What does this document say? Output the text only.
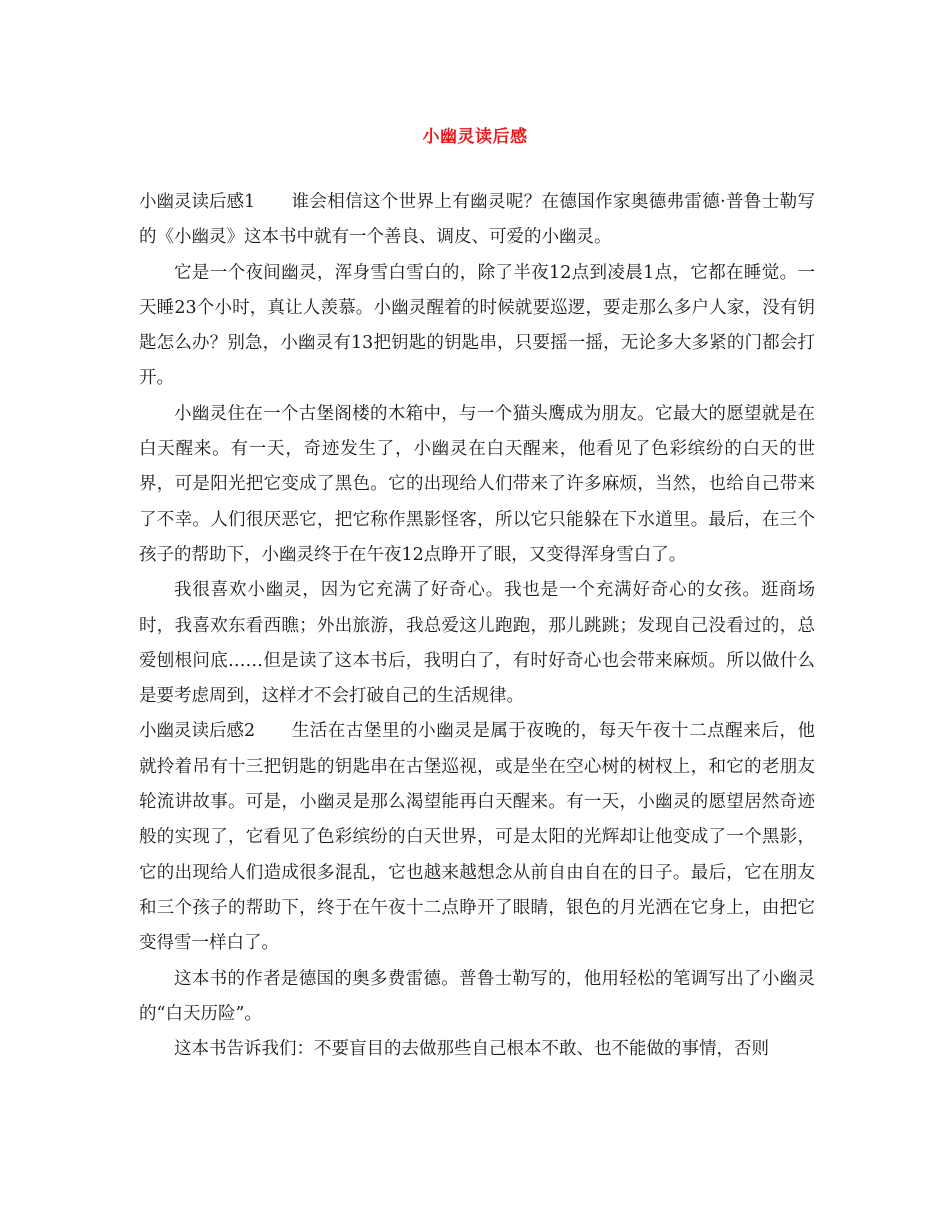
小幽灵读后感

小幽灵读后感1 谁会相信这个世界上有幽灵呢？在德国作家奥德弗雷德·普鲁士勒写的《小幽灵》这本书中就有一个善良、调皮、可爱的小幽灵。

它是一个夜间幽灵，浑身雪白雪白的，除了半夜12点到凌晨1点，它都在睡觉。一天睡23个小时，真让人羡慕。小幽灵醒着的时候就要巡逻，要走那么多户人家，没有钥匙怎么办？别急，小幽灵有13把钥匙的钥匙串，只要摇一摇，无论多大多紧的门都会打开。

小幽灵住在一个古堡阁楼的木箱中，与一个猫头鹰成为朋友。它最大的愿望就是在白天醒来。有一天，奇迹发生了，小幽灵在白天醒来，他看见了色彩缤纷的白天的世界，可是阳光把它变成了黑色。它的出现给人们带来了许多麻烦，当然，也给自己带来了不幸。人们很厌恶它，把它称作黑影怪客，所以它只能躲在下水道里。最后，在三个孩子的帮助下，小幽灵终于在午夜12点睁开了眼，又变得浑身雪白了。

我很喜欢小幽灵，因为它充满了好奇心。我也是一个充满好奇心的女孩。逛商场时，我喜欢东看西瞧；外出旅游，我总爱这儿跑跑，那儿跳跳；发现自己没看过的，总爱刨根问底……但是读了这本书后，我明白了，有时好奇心也会带来麻烦。所以做什么是要考虑周到，这样才不会打破自己的生活规律。

小幽灵读后感2 生活在古堡里的小幽灵是属于夜晚的，每天午夜十二点醒来后，他就拎着吊有十三把钥匙的钥匙串在古堡巡视，或是坐在空心树的树杈上，和它的老朋友轮流讲故事。可是，小幽灵是那么渴望能再白天醒来。有一天，小幽灵的愿望居然奇迹般的实现了，它看见了色彩缤纷的白天世界，可是太阳的光辉却让他变成了一个黑影，它的出现给人们造成很多混乱，它也越来越想念从前自由自在的日子。最后，它在朋友和三个孩子的帮助下，终于在午夜十二点睁开了眼睛，银色的月光洒在它身上，由把它变得雪一样白了。

这本书的作者是德国的奥多费雷德。普鲁士勒写的，他用轻松的笔调写出了小幽灵的“白天历险”。

这本书告诉我们：不要盲目的去做那些自己根本不敢、也不能做的事情，否则
